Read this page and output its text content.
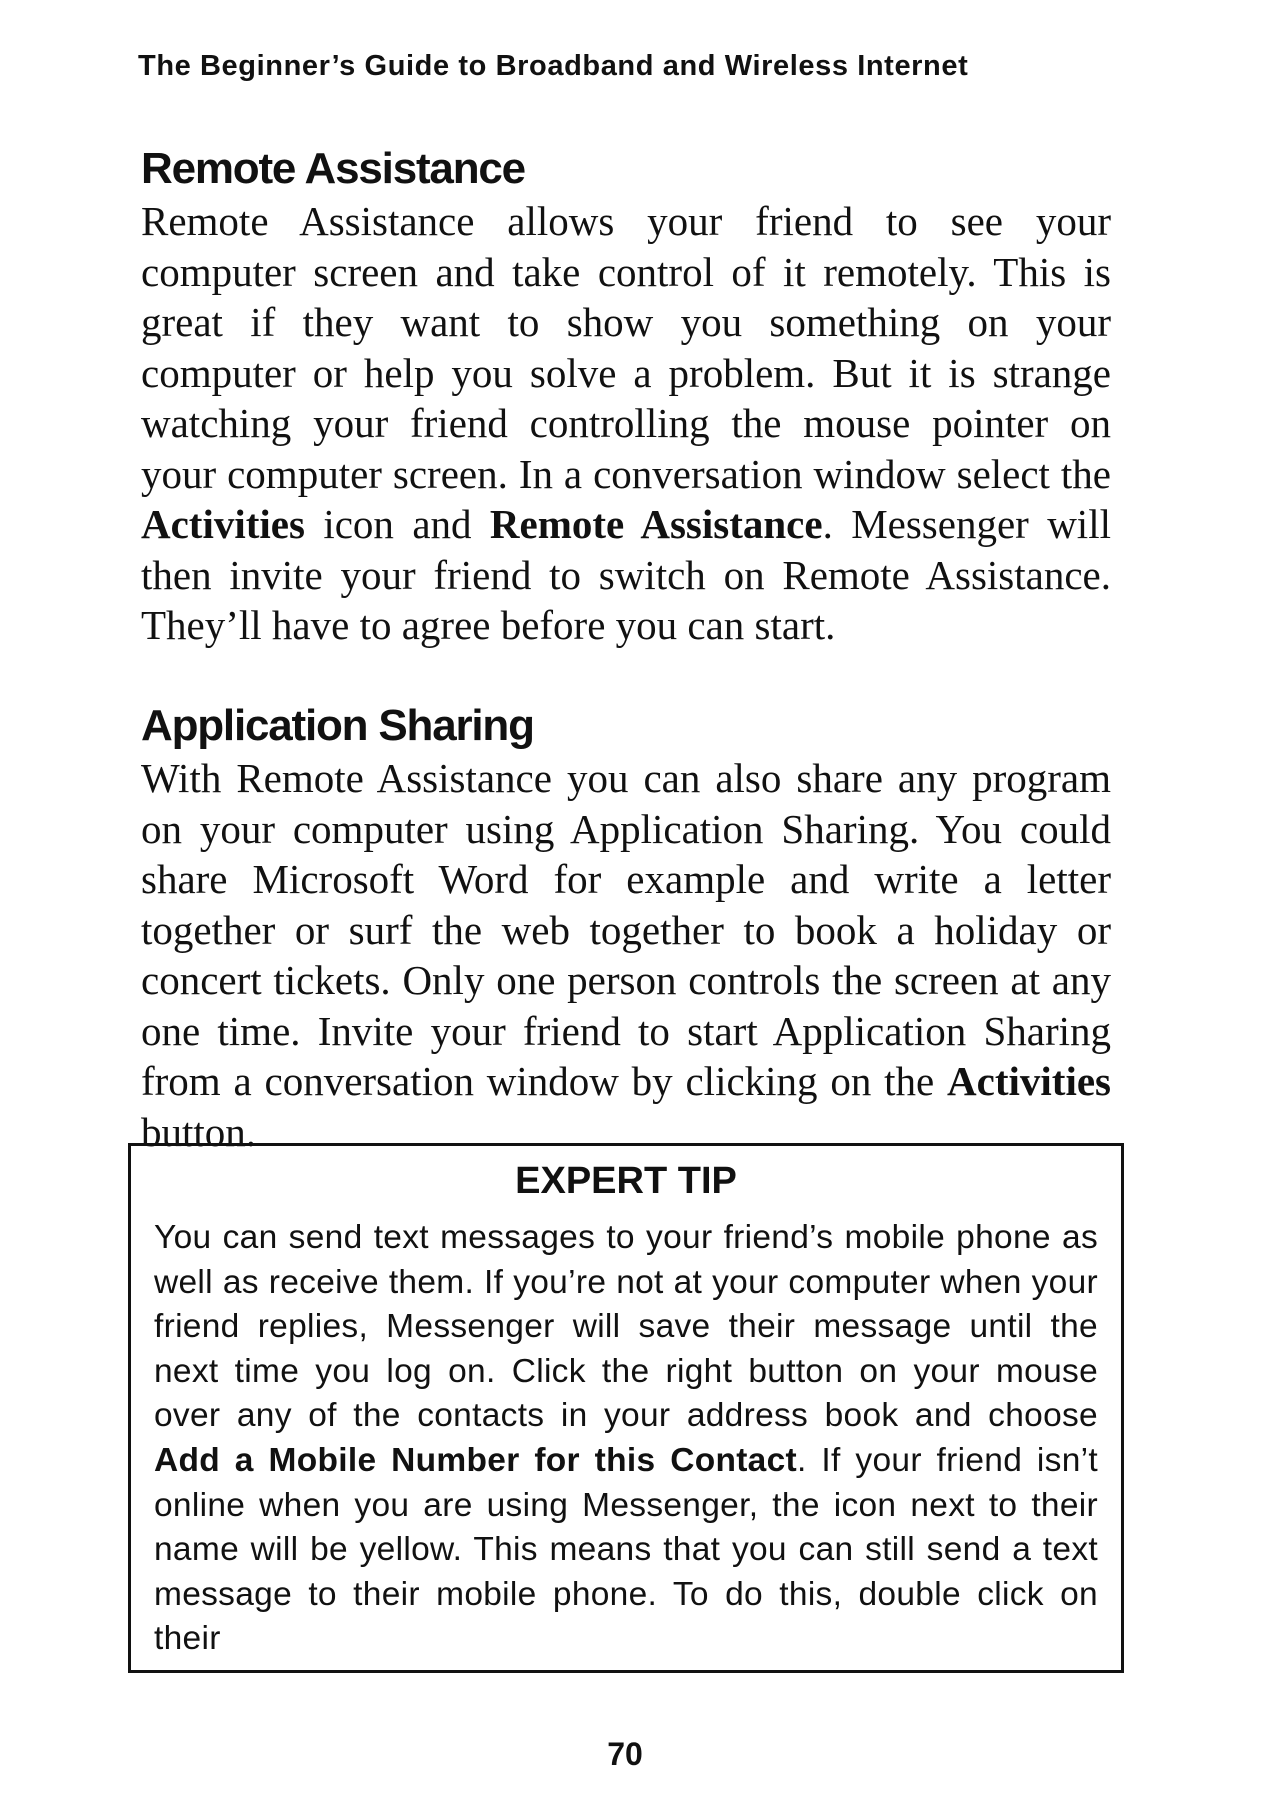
The Beginner’s Guide to Broadband and Wireless Internet
Remote Assistance

Remote Assistance allows your friend to see your computer screen and take control of it remotely. This is great if they want to show you something on your computer or help you solve a problem. But it is strange watching your friend controlling the mouse pointer on your computer screen. In a conversation window select the Activities icon and Remote Assistance. Messenger will then invite your friend to switch on Remote Assistance. They’ll have to agree before you can start.

Application Sharing

With Remote Assistance you can also share any program on your computer using Application Sharing. You could share Microsoft Word for example and write a letter together or surf the web together to book a holiday or concert tickets. Only one person controls the screen at any one time. Invite your friend to start Application Sharing from a conversation window by clicking on the Activities button.

EXPERT TIP

You can send text messages to your friend’s mobile phone as well as receive them. If you’re not at your computer when your friend replies, Messenger will save their message until the next time you log on. Click the right button on your mouse over any of the contacts in your address book and choose Add a Mobile Number for this Contact. If your friend isn’t online when you are using Messenger, the icon next to their name will be yellow. This means that you can still send a text message to their mobile phone. To do this, double click on their

70
